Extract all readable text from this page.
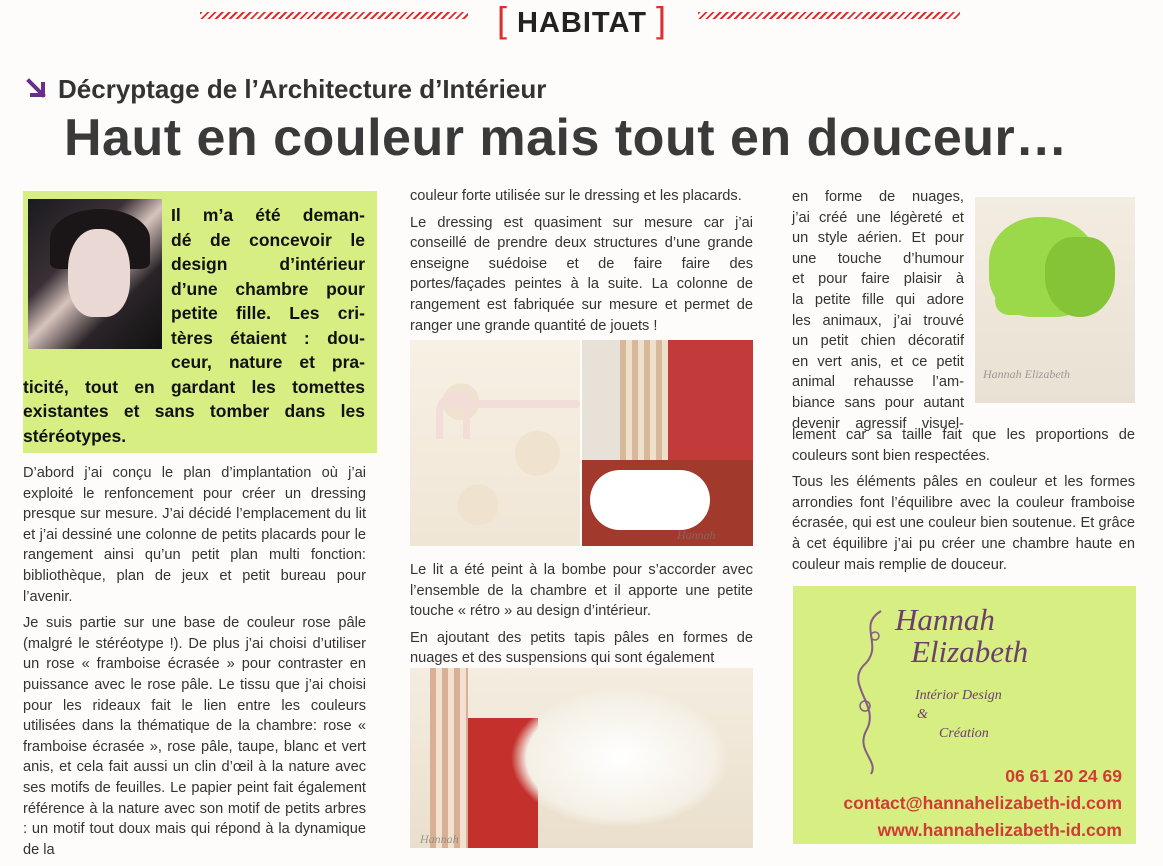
[ HABITAT ]
Décryptage de l’Architecture d’Intérieur
Haut en couleur mais tout en douceur…
Il m’a été deman-
dé de concevoir le
design d’intérieur
d’une chambre pour
petite fille. Les cri-
tères étaient : dou-
ceur, nature et pra-
ticité, tout en gardant les tomettes
existantes et sans tomber dans les
stéréotypes.

D’abord j’ai conçu le plan d’implantation où j’ai exploité le renfoncement pour créer un dressing presque sur mesure. J’ai décidé l’emplacement du lit et j’ai dessiné une colonne de petits placards pour le rangement ainsi qu’un petit plan multi fonction: bibliothèque, plan de jeux et petit bureau pour l’avenir.

Je suis partie sur une base de couleur rose pâle (malgré le stéréotype !). De plus j’ai choisi d’utiliser un rose « framboise écrasée » pour contraster en puissance avec le rose pâle. Le tissu que j’ai choisi pour les rideaux fait le lien entre les couleurs utilisées dans la thématique de la chambre: rose « framboise écrasée », rose pâle, taupe, blanc et vert anis, et cela fait aussi un clin d’œil à la nature avec ses motifs de feuilles. Le papier peint fait également référence à la nature avec son motif de petits arbres : un motif tout doux mais qui répond à la dynamique de la

couleur forte utilisée sur le dressing et les placards.

Le dressing est quasiment sur mesure car j’ai conseillé de prendre deux structures d’une grande enseigne suédoise et de faire faire des portes/façades peintes à la suite. La colonne de rangement est fabriquée sur mesure et permet de ranger une grande quantité de jouets !

Hannah

Le lit a été peint à la bombe pour s’accorder avec l’ensemble de la chambre et il apporte une petite touche « rétro » au design d’intérieur.

En ajoutant des petits tapis pâles en formes de nuages et des suspensions qui sont également

Hannah
en forme de nuages,
j’ai créé une légèreté et
un style aérien. Et pour
une touche d’humour
et pour faire plaisir à
la petite fille qui adore
les animaux, j’ai trouvé
un petit chien décoratif
en vert anis, et ce petit
animal rehausse l’am-
biance sans pour autant
devenir agressif visuel-
Hannah Elizabeth

lement car sa taille fait que les proportions de couleurs sont bien respectées.

Tous les éléments pâles en couleur et les formes arrondies font l’équilibre avec la couleur framboise écrasée, qui est une couleur bien soutenue. Et grâce à cet équilibre j’ai pu créer une chambre haute en couleur mais remplie de douceur.

Hannah
Elizabeth
Intérior Design
&
Création
06 61 20 24 69
contact@hannahelizabeth-id.com
www.hannahelizabeth-id.com
